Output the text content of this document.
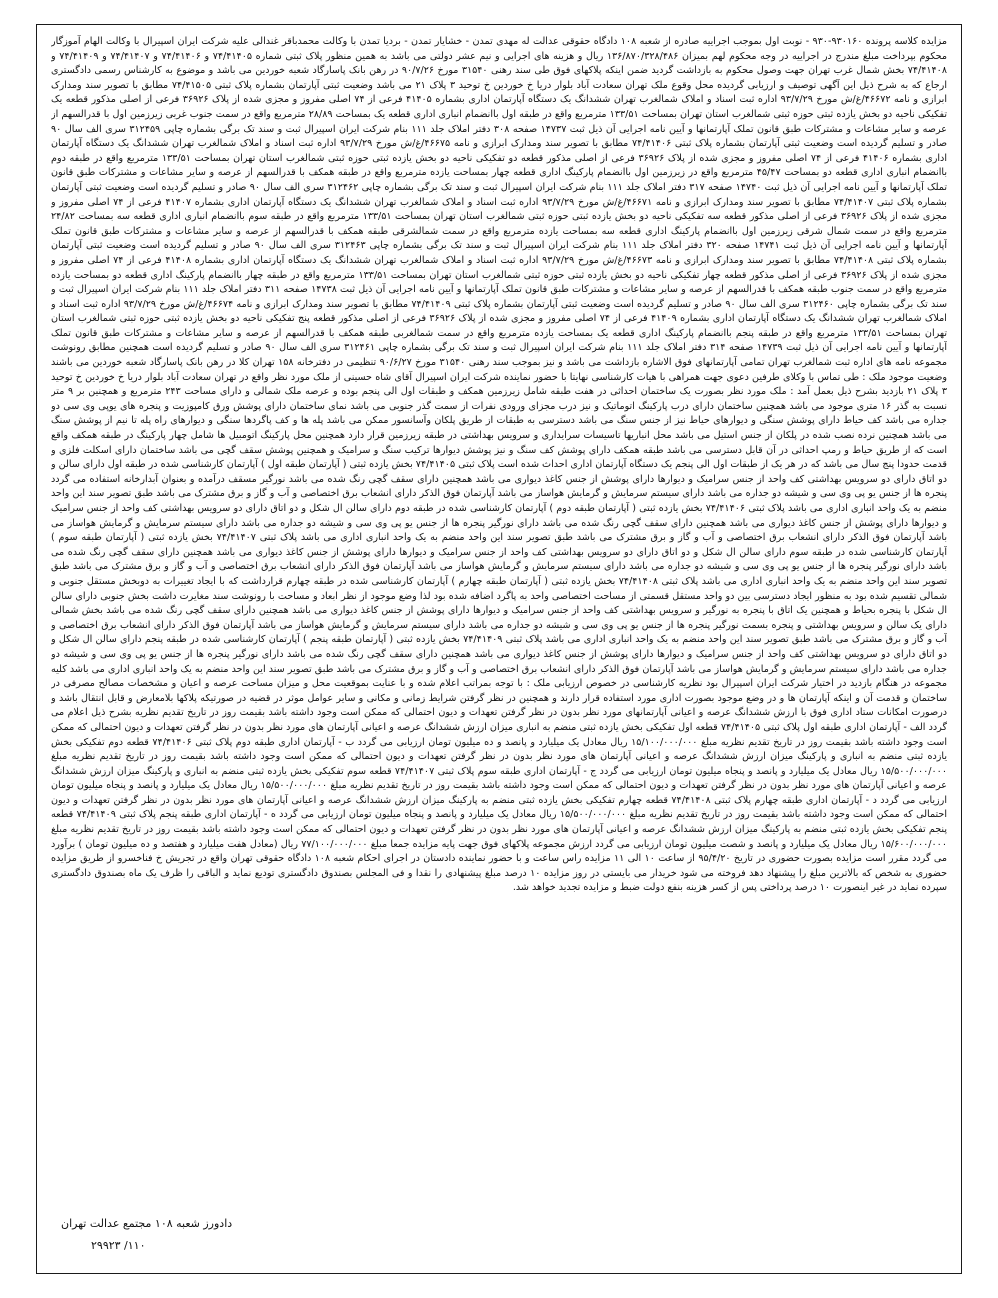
مزایده کلاسه پرونده ۹۳۰۱۶۰-۹۳۰ - نوبت اول بموجب اجراییه صادره از شعبه ۱۰۸ دادگاه حقوقی عدالت له مهدی تمدن - خشایار تمدن - بردیا تمدن با وکالت محمدباقر غندالی علیه شرکت ایران اسپیرال با وکالت الهام آموزگار محکوم بپرداخت مبلغ مندرج در اجراییه در وجه محکوم لهم بمیزان ۱۳۶/۸۷۰/۳۲۸/۴۸۶ ریال و هزینه های اجرایی و نیم عشر دولتی می باشد به همین منظور پلاک ثبتی شماره ۷۴/۴۱۴۰۵ و ۷۴/۴۱۴۰۶ و ۷۴/۴۱۴۰۷ و ۷۴/۴۱۴۰۹ و ۷۴/۴۱۴۰۸ بخش شمال غرب تهران جهت وصول محکوم به بازداشت گردید ضمن اینکه پلاکهای فوق طی سند رهنی ۳۱۵۴۰ مورخ ۹۰/۷/۲۶ در رهن بانک پاسارگاد شعبه خوردین می باشد و موضوع به کارشناس رسمی دادگستری ارجاع که به شرح ذیل این آگهی توصیف و ارزیابی گردیده محل وقوع ملک تهران سعادت آباد بلوار دریا خ خوردین خ توحید ۳ پلاک ۲۱ می باشد وضعیت ثبتی آپارتمان بشماره پلاک ثبتی ۷۴/۴۱۵۰۵ مطابق با تصویر سند ومدارک ابرازی و نامه ۴۶۶۷۲/غ/ش مورخ ۹۳/۷/۲۹ اداره ثبت اسناد و املاک شمالغرب تهران ششدانگ یک دستگاه آپارتمان اداری بشماره ۴۱۴۰۵ فرعی از ۷۴ اصلی مفروز و مجزی شده از پلاک ۳۶۹۲۶ فرعی از اصلی مذکور قطعه یک تفکیکی ناحیه دو بخش یازده ثبتی حوزه ثبتی شمالغرب استان تهران بمساحت ۱۳۳/۵۱ مترمربع واقع در طبقه اول باانضمام انباری اداری قطعه یک بمساحت ۲۸/۸۹ مترمربع واقع در سمت جنوب غربی زیرزمین اول با قدرالسهم از عرصه و سایر مشاعات و مشترکات طبق قانون تملک آپارتمانها و آیین نامه اجرایی آن ذیل ثبت ۱۴۷۳۷ صفحه ۳۰۸ دفتر املاک جلد ۱۱۱ بنام شرکت ایران اسپیرال ثبت و سند تک برگی بشماره چاپی ۳۱۲۴۵۹ سری الف سال ۹۰ صادر و تسلیم گردیده است وضعیت ثبتی آپارتمان بشماره پلاک ثبتی ۷۴/۴۱۴۰۶ مطابق با تصویر سند ومدارک ابرازی و نامه ۴۶۶۷۵/غ/ش مورخ ۹۳/۷/۲۹ اداره ثبت اسناد و املاک شمالغرب تهران ششدانگ یک دستگاه آپارتمان اداری بشماره ۴۱۴۰۶ فرعی از ۷۴ اصلی مفروز و مجزی شده از پلاک ۳۶۹۲۶ فرعی از اصلی مذکور قطعه دو تفکیکی ناحیه دو بخش یازده ثبتی حوزه ثبتی شمالغرب استان تهران بمساحت ۱۳۳/۵۱ مترمربع واقع در طبقه دوم باانضمام انباری اداری قطعه دو بمساحت ۴۵/۴۷ مترمربع واقع در زیرزمین اول باانضمام پارکینگ اداری قطعه چهار بمساحت یازده مترمربع واقع در طبقه همکف با قدرالسهم از عرصه و سایر مشاعات و مشترکات طبق قانون تملک آپارتمانها و آیین نامه اجرایی آن ذیل ثبت ۱۴۷۴۰ صفحه ۳۱۷ دفتر املاک جلد ۱۱۱ بنام شرکت ایران اسپیرال ثبت و سند تک برگی بشماره چاپی ۳۱۲۴۶۲ سری الف سال ۹۰ صادر و تسلیم گردیده است وضعیت ثبتی آپارتمان بشماره پلاک ثبتی ۷۴/۴۱۴۰۷ مطابق با تصویر سند ومدارک ابرازی و نامه ۴۶۶۷۱/غ/ش مورخ ۹۳/۷/۲۹ اداره ثبت اسناد و املاک شمالغرب تهران ششدانگ یک دستگاه آپارتمان اداری بشماره ۴۱۴۰۷ فرعی از ۷۴ اصلی مفروز و مجزی شده از پلاک ۳۶۹۲۶ فرعی از اصلی مذکور قطعه سه تفکیکی ناحیه دو بخش یازده ثبتی حوزه ثبتی شمالغرب استان تهران بمساحت ۱۳۳/۵۱ مترمربع واقع در طبقه سوم باانضمام انباری اداری قطعه سه بمساحت ۲۴/۸۲ مترمربع واقع در سمت شمال شرقی زیرزمین اول باانضمام پارکینگ اداری قطعه سه بمساحت یازده مترمربع واقع در سمت شمالشرقی طبقه همکف با قدرالسهم از عرصه و سایر مشاعات و مشترکات طبق قانون تملک آپارتمانها و آیین نامه اجرایی آن ذیل ثبت ۱۴۷۴۱ صفحه ۳۲۰ دفتر املاک جلد ۱۱۱ بنام شرکت ایران اسپیرال ثبت و سند تک برگی بشماره چاپی ۳۱۲۴۶۳ سری الف سال ۹۰ صادر و تسلیم گردیده است وضعیت ثبتی آپارتمان بشماره پلاک ثبتی ۷۴/۴۱۴۰۸ مطابق با تصویر سند ومدارک ابرازی و نامه ۴۶۶۷۳/غ/ش مورخ ۹۳/۷/۲۹ اداره ثبت اسناد و املاک شمالغرب تهران ششدانگ یک دستگاه آپارتمان اداری بشماره ۴۱۴۰۸ فرعی از ۷۴ اصلی مفروز و مجزی شده از پلاک ۳۶۹۲۶ فرعی از اصلی مذکور قطعه چهار تفکیکی ناحیه دو بخش یازده ثبتی حوزه ثبتی شمالغرب استان تهران بمساحت ۱۳۳/۵۱ مترمربع واقع در طبقه چهار باانضمام پارکینگ اداری قطعه دو بمساحت یازده مترمربع واقع در سمت جنوب طبقه همکف با قدرالسهم از عرصه و سایر مشاعات و مشترکات طبق قانون تملک آپارتمانها و آیین نامه اجرایی آن ذیل ثبت ۱۴۷۳۸ صفحه ۳۱۱ دفتر املاک جلد ۱۱۱ بنام شرکت ایران اسپیرال ثبت و سند تک برگی بشماره چاپی ۳۱۲۴۶۰ سری الف سال ۹۰ صادر و تسلیم گردیده است وضعیت ثبتی آپارتمان بشماره پلاک ثبتی ۷۴/۴۱۴۰۹ مطابق با تصویر سند ومدارک ابرازی و نامه ۴۶۶۷۴/غ/ش مورخ ۹۳/۷/۲۹ اداره ثبت اسناد و املاک شمالغرب تهران ششدانگ یک دستگاه آپارتمان اداری بشماره ۴۱۴۰۹ فرعی از ۷۴ اصلی مفروز و مجزی شده از پلاک ۳۶۹۲۶ فرعی از اصلی مذکور قطعه پنج تفکیکی ناحیه دو بخش یازده ثبتی حوزه ثبتی شمالغرب استان تهران بمساحت ۱۳۳/۵۱ مترمربع واقع در طبقه پنجم باانضمام پارکینگ اداری قطعه یک بمساحت یازده مترمربع واقع در سمت شمالغربی طبقه همکف با قدرالسهم از عرصه و سایر مشاعات و مشترکات طبق قانون تملک آپارتمانها و آیین نامه اجرایی آن ذیل ثبت ۱۴۷۳۹ صفحه ۳۱۴ دفتر املاک جلد ۱۱۱ بنام شرکت ایران اسپیرال ثبت و سند تک برگی بشماره چاپی ۳۱۲۴۶۱ سری الف سال ۹۰ صادر و تسلیم گردیده است همچنین مطابق رونوشت مجموعه نامه های اداره ثبت شمالغرب تهران تمامی آپارتمانهای فوق الاشاره بازداشت می باشد و نیز بموجب سند رهنی ۳۱۵۴۰ مورخ ۹۰/۶/۲۷ تنظیمی در دفترخانه ۱۵۸ تهران کلا در رهن بانک پاسارگاد شعبه خوردین می باشند وضعیت موجود ملک : طی تماس با وکلای طرفین دعوی جهت همراهی با هیات کارشناسی نهایتا با حضور نماینده شرکت ایران اسپیرال آقای شاه حسینی از ملک مورد نظر واقع در تهران سعادت آباد بلوار دریا خ خوردین خ توحید ۳ پلاک ۲۱ بازدید بشرح ذیل بعمل آمد : ملک مورد نظر بصورت یک ساختمان احداثی در هفت طبقه شامل زیرزمین همکف و طبقات اول الی پنجم بوده و عرصه ملک شمالی و دارای مساحت ۲۴۳ مترمربع و همچنین بر ۹ متر نسبت به گذر ۱۶ متری موجود می باشد همچنین ساختمان دارای درب پارکینگ اتوماتیک و نیز درب مجزای ورودی نفرات از سمت گذر جنوبی می باشد نمای ساختمان دارای پوشش ورق کامپوزیت و پنجره های یوپی وی سی دو جداره می باشد کف حیاط دارای پوشش سنگی و دیوارهای حیاط نیز از جنس سنگ می باشد دسترسی به طبقات از طریق پلکان وآسانسور ممکن می باشد پله ها و کف پاگردها سنگی و دیوارهای راه پله تا نیم از پوشش سنگ می باشد همچنین نرده نصب شده در پلکان از جنس استیل می باشد محل انباریها تاسیسات سرایداری و سرویس بهداشتی در طبقه زیرزمین قرار دارد همچنین محل پارکینگ اتومبیل ها شامل چهار پارکینگ در طبقه همکف واقع است که از طریق حیاط و رمپ احداثی در آن قابل دسترسی می باشد طبقه همکف دارای پوشش کف سنگ و نیز پوشش دیوارها ترکیب سنگ و سرامیک و همچنین پوشش سقف گچی می باشد ساختمان دارای اسکلت فلزی و قدمت حدودا پنج سال می باشد که در هر یک از طبقات اول الی پنجم یک دستگاه آپارتمان اداری احداث شده است پلاک ثبتی ۷۴/۴۱۴۰۵ بخش یازده ثبتی ( آپارتمان طبقه اول ) آپارتمان کارشناسی شده در طبقه اول دارای سالن و دو اتاق دارای دو سرویس بهداشتی کف واحد از جنس سرامیک و دیوارها دارای پوشش از جنس کاغذ دیواری می باشد همچنین دارای سقف گچی رنگ شده می باشد نورگیر مسقف درآمده و بعنوان آبدارخانه استفاده می گردد پنجره ها از جنس یو پی وی سی و شیشه دو جداره می باشد دارای سیستم سرمایش و گرمایش هواساز می باشد آپارتمان فوق الذکر دارای انشعاب برق اختصاصی و آب و گاز و برق مشترک می باشد طبق تصویر سند این واحد منضم به یک واحد انباری اداری می باشد پلاک ثبتی ۷۴/۴۱۴۰۶ بخش یازده ثبتی ( آپارتمان طبقه دوم ) آپارتمان کارشناسی شده در طبقه دوم دارای سالن ال شکل و دو اتاق دارای دو سرویس بهداشتی کف واحد از جنس سرامیک و دیوارها دارای پوشش از جنس کاغذ دیواری می باشد همچنین دارای سقف گچی رنگ شده می باشد دارای نورگیر پنجره ها از جنس یو پی وی سی و شیشه دو جداره می باشد دارای سیستم سرمایش و گرمایش هواساز می باشد آپارتمان فوق الذکر دارای انشعاب برق اختصاصی و آب و گاز و برق مشترک می باشد طبق تصویر سند این واحد منضم به یک واحد انباری اداری می باشد پلاک ثبتی ۷۴/۴۱۴۰۷ بخش یازده ثبتی ( آپارتمان طبقه سوم ) آپارتمان کارشناسی شده در طبقه سوم دارای سالن ال شکل و دو اتاق دارای دو سرویس بهداشتی کف واحد از جنس سرامیک و دیوارها دارای پوشش از جنس کاغذ دیواری می باشد همچنین دارای سقف گچی رنگ شده می باشد دارای نورگیر پنجره ها از جنس یو پی وی سی و شیشه دو جداره می باشد دارای سیستم سرمایش و گرمایش هواساز می باشد آپارتمان فوق الذکر دارای انشعاب برق اختصاصی و آب و گاز و برق مشترک می باشد طبق تصویر سند این واحد منضم به یک واحد انباری اداری می باشد پلاک ثبتی ۷۴/۴۱۴۰۸ بخش یازده ثبتی ( آپارتمان طبقه چهارم ) آپارتمان کارشناسی شده در طبقه چهارم قرارداشت که با ایجاد تغییرات به دوبخش مستقل جنوبی و شمالی تقسیم شده بود به منظور ایجاد دسترسی بین دو واحد مستقل قسمتی از مساحت اختصاصی واحد به پاگرد اضافه شده بود لذا وضع موجود از نظر ابعاد و مساحت با رونوشت سند مغایرت داشت بخش جنوبی دارای سالن ال شکل با پنجره بحیاط و همچنین یک اتاق با پنجره به نورگیر و سرویس بهداشتی کف واحد از جنس سرامیک و دیوارها دارای پوشش از جنس کاغذ دیواری می باشد همچنین دارای سقف گچی رنگ شده می باشد بخش شمالی دارای یک سالن و سرویس بهداشتی و پنجره بسمت نورگیر پنجره ها از جنس یو پی وی سی و شیشه دو جداره می باشد دارای سیستم سرمایش و گرمایش هواساز می باشد آپارتمان فوق الذکر دارای انشعاب برق اختصاصی و آب و گاز و برق مشترک می باشد طبق تصویر سند این واحد منضم به یک واحد انباری اداری می باشد پلاک ثبتی ۷۴/۴۱۴۰۹ بخش یازده ثبتی ( آپارتمان طبقه پنجم ) آپارتمان کارشناسی شده در طبقه پنجم دارای سالن ال شکل و دو اتاق دارای دو سرویس بهداشتی کف واحد از جنس سرامیک و دیوارها دارای پوشش از جنس کاغذ دیواری می باشد همچنین دارای سقف گچی رنگ شده می باشد دارای نورگیر پنجره ها از جنس یو پی وی سی و شیشه دو جداره می باشد دارای سیستم سرمایش و گرمایش هواساز می باشد آپارتمان فوق الذکر دارای انشعاب برق اختصاصی و آب و گاز و برق مشترک می باشد طبق تصویر سند این واحد منضم به یک واحد انباری اداری می باشد کلیه مجموعه در هنگام بازدید در اختیار شرکت ایران اسپیرال بود نظریه کارشناسی در خصوص ارزیابی ملک : با توجه بمراتب اعلام شده و با عنایت بموقعیت محل و میزان مساحت عرصه و اعیان و مشخصات مصالح مصرفی در ساختمان و قدمت آن و اینکه آپارتمان ها و در وضع موجود بصورت اداری مورد استفاده قرار دارند و همچنین در نظر گرفتن شرایط زمانی و مکانی و سایر عوامل موثر در قضیه در صورتیکه پلاکها بلامعارض و قابل انتقال باشد و درصورت امکانات ستاد اداری فوق با ارزش ششدانگ عرصه و اعیانی آپارتمانهای مورد نظر بدون در نظر گرفتن تعهدات و دیون احتمالی که ممکن است وجود داشته باشد بقیمت روز در تاریخ تقدیم نظریه بشرح ذیل اعلام می گردد الف - آپارتمان اداری طبقه اول پلاک ثبتی ۷۴/۴۱۴۰۵ قطعه اول تفکیکی بخش یازده ثبتی منضم به انباری میزان ارزش ششدانگ عرصه و اعیانی آپارتمان های مورد نظر بدون در نظر گرفتن تعهدات و دیون احتمالی که ممکن است وجود داشته باشد بقیمت روز در تاریخ تقدیم نظریه مبلغ ۱۵/۱۰۰/۰۰۰/۰۰۰ ریال معادل یک میلیارد و پانصد و ده میلیون تومان ارزیابی می گردد ب - آپارتمان اداری طبقه دوم پلاک ثبتی ۷۴/۴۱۴۰۶ قطعه دوم تفکیکی بخش یازده ثبتی منضم به انباری و پارکینگ میزان ارزش ششدانگ عرصه و اعیانی آپارتمان های مورد نظر بدون در نظر گرفتن تعهدات و دیون احتمالی که ممکن است وجود داشته باشد بقیمت روز در تاریخ تقدیم نظریه مبلغ ۱۵/۵۰۰/۰۰۰/۰۰۰ ریال معادل یک میلیارد و پانصد و پنجاه میلیون تومان ارزیابی می گردد ج - آپارتمان اداری طبقه سوم پلاک ثبتی ۷۴/۴۱۴۰۷ قطعه سوم تفکیکی بخش یازده ثبتی منضم به انباری و پارکینگ میزان ارزش ششدانگ عرصه و اعیانی آپارتمان های مورد نظر بدون در نظر گرفتن تعهدات و دیون احتمالی که ممکن است وجود داشته باشد بقیمت روز در تاریخ تقدیم نظریه مبلغ ۱۵/۵۰۰/۰۰۰/۰۰۰ ریال معادل یک میلیارد و پانصد و پنجاه میلیون تومان ارزیابی می گردد د - آپارتمان اداری طبقه چهارم پلاک ثبتی ۷۴/۴۱۴۰۸ قطعه چهارم تفکیکی بخش یازده ثبتی منضم به پارکینگ میزان ارزش ششدانگ عرصه و اعیانی آپارتمان های مورد نظر بدون در نظر گرفتن تعهدات و دیون احتمالی که ممکن است وجود داشته باشد بقیمت روز در تاریخ تقدیم نظریه مبلغ ۱۵/۵۰۰/۰۰۰/۰۰۰ ریال معادل یک میلیارد و پانصد و پنجاه میلیون تومان ارزیابی می گردد ه - آپارتمان اداری طبقه پنجم پلاک ثبتی ۷۴/۴۱۴۰۹ قطعه پنجم تفکیکی بخش یازده ثبتی منضم به پارکینگ میزان ارزش ششدانگ عرصه و اعیانی آپارتمان های مورد نظر بدون در نظر گرفتن تعهدات و دیون احتمالی که ممکن است وجود داشته باشد بقیمت روز در تاریخ تقدیم نظریه مبلغ ۱۵/۶۰۰/۰۰۰/۰۰۰ ریال معادل یک میلیارد و پانصد و شصت میلیون تومان ارزیابی می گردد ارزش مجموعه پلاکهای فوق جهت پایه مزایده جمعا مبلغ ۷۷/۱۰۰/۰۰۰/۰۰۰ ریال (معادل هفت میلیارد و هفتصد و ده میلیون تومان ) برآورد می گردد مقرر است مزایده بصورت حضوری در تاریخ ۹۵/۴/۲۰ از ساعت ۱۰ الی ۱۱ مزایده راس ساعت و با حضور نماینده دادستان در اجرای احکام شعبه ۱۰۸ دادگاه حقوقی تهران واقع در تجریش خ فناخسرو از طریق مزایده حضوری به شخص که بالاترین مبلغ را پیشنهاد دهد فروخته می شود خریدار می بایستی در روز مزایده ۱۰ درصد مبلغ پیشنهادی را نقدا و فی المجلس بصندوق دادگستری تودیع نماید و الباقی را ظرف یک ماه بصندوق دادگستری سپرده نماید در غیر اینصورت ۱۰ درصد پرداختی پس از کسر هزینه بنفع دولت ضبط و مزایده تجدید خواهد شد.

دادورز شعبه ۱۰۸ مجتمع عدالت تهران
۱۱۰/ ۲۹۹۲۳
